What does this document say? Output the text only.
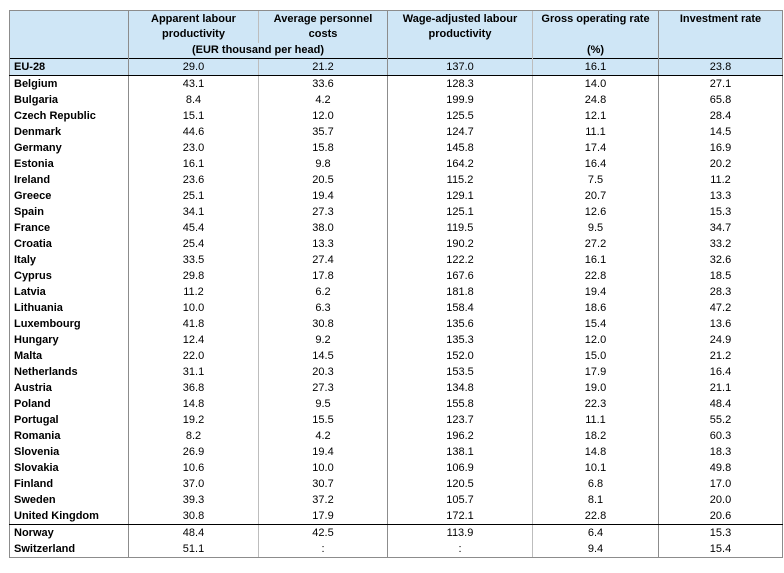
	Apparent labour productivity	Average personnel costs	Wage-adjusted labour productivity	Gross operating rate	Investment rate
	(EUR thousand per head)			(%)	
EU-28	29.0	21.2	137.0	16.1	23.8
Belgium	43.1	33.6	128.3	14.0	27.1
Bulgaria	8.4	4.2	199.9	24.8	65.8
Czech Republic	15.1	12.0	125.5	12.1	28.4
Denmark	44.6	35.7	124.7	11.1	14.5
Germany	23.0	15.8	145.8	17.4	16.9
Estonia	16.1	9.8	164.2	16.4	20.2
Ireland	23.6	20.5	115.2	7.5	11.2
Greece	25.1	19.4	129.1	20.7	13.3
Spain	34.1	27.3	125.1	12.6	15.3
France	45.4	38.0	119.5	9.5	34.7
Croatia	25.4	13.3	190.2	27.2	33.2
Italy	33.5	27.4	122.2	16.1	32.6
Cyprus	29.8	17.8	167.6	22.8	18.5
Latvia	11.2	6.2	181.8	19.4	28.3
Lithuania	10.0	6.3	158.4	18.6	47.2
Luxembourg	41.8	30.8	135.6	15.4	13.6
Hungary	12.4	9.2	135.3	12.0	24.9
Malta	22.0	14.5	152.0	15.0	21.2
Netherlands	31.1	20.3	153.5	17.9	16.4
Austria	36.8	27.3	134.8	19.0	21.1
Poland	14.8	9.5	155.8	22.3	48.4
Portugal	19.2	15.5	123.7	11.1	55.2
Romania	8.2	4.2	196.2	18.2	60.3
Slovenia	26.9	19.4	138.1	14.8	18.3
Slovakia	10.6	10.0	106.9	10.1	49.8
Finland	37.0	30.7	120.5	6.8	17.0
Sweden	39.3	37.2	105.7	8.1	20.0
United Kingdom	30.8	17.9	172.1	22.8	20.6
Norway	48.4	42.5	113.9	6.4	15.3
Switzerland	51.1	:	:	9.4	15.4
